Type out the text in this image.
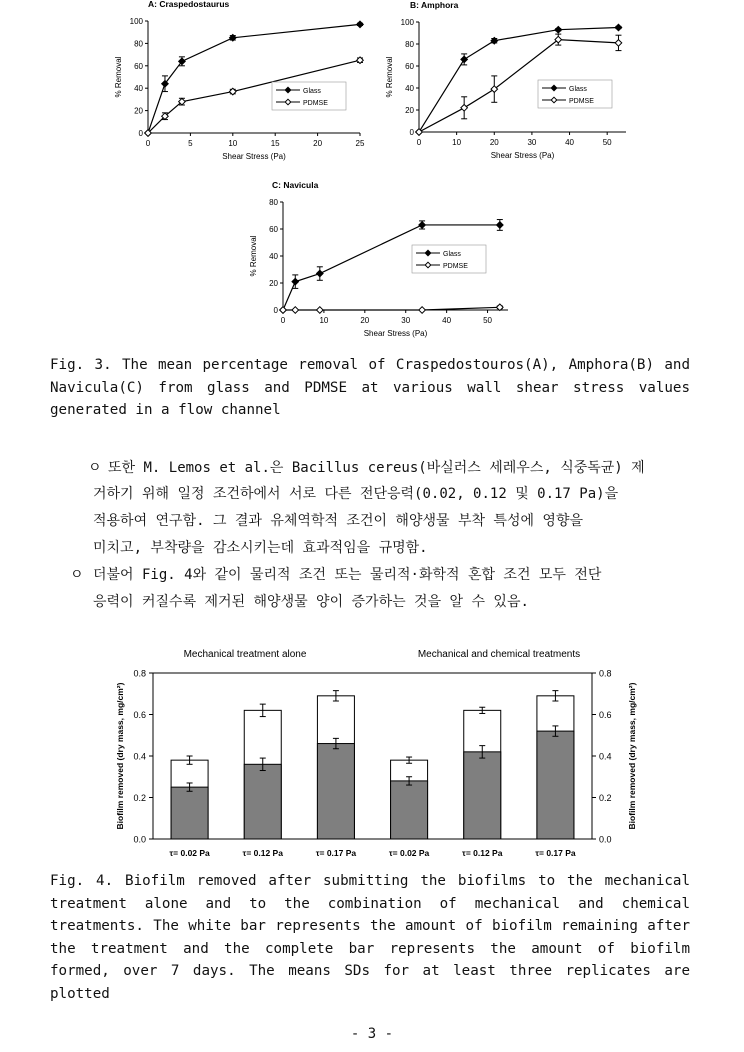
A: Craspedostaurus
0
20
40
60
80
100
0	5	10	15	20	25
Shear Stress (Pa)
% Removal	Glass
PDMSE
B: Amphora
0
20
40
60
80
100
0	10	20	30	40	50
Shear Stress (Pa)
% Removal	Glass
PDMSE
C: Navicula
0
20
40
60
80
0	10	20	30	40	50
Shear Stress (Pa)
% Removal	Glass
PDMSE
Fig. 3. The mean percentage removal of Craspedostouros(A), Amphora(B) and Navicula(C) from glass and PDMSE at various wall shear stress values generated in a flow channel
ㅇ 또한 M. Lemos et al.은 Bacillus cereus(바실러스 세레우스, 식중독균) 제
거하기 위해 일정 조건하에서 서로 다른 전단응력(0.02, 0.12 및 0.17 Pa)을
적용하여 연구함. 그 결과 유체역학적 조건이 해양생물 부착 특성에 영향을
미치고, 부착량을 감소시키는데 효과적임을 규명함.
ㅇ 더불어 Fig. 4와 같이 물리적 조건 또는 물리적·화학적 혼합 조건 모두 전단
응력이 커질수록 제거된 해양생물 양이 증가하는 것을 알 수 있음.
Mechanical treatment alone	Mechanical and chemical treatments
0.0	0.0
0.2	0.2
0.4	0.4
0.6	0.6
0.8	0.8
Biofilm removed (dry mass, mg/cm²)	Biofilm removed (dry mass, mg/cm²)
τ= 0.02 Pa	τ= 0.12 Pa	τ= 0.17 Pa	τ= 0.02 Pa	τ= 0.12 Pa	τ= 0.17 Pa
Fig. 4. Biofilm removed after submitting the biofilms to the mechanical treatment alone and to the combination of mechanical and chemical treatments. The white bar represents the amount of biofilm remaining after the treatment and the complete bar represents the amount of biofilm formed, over 7 days. The means SDs for at least three replicates are plotted
- 3 -
